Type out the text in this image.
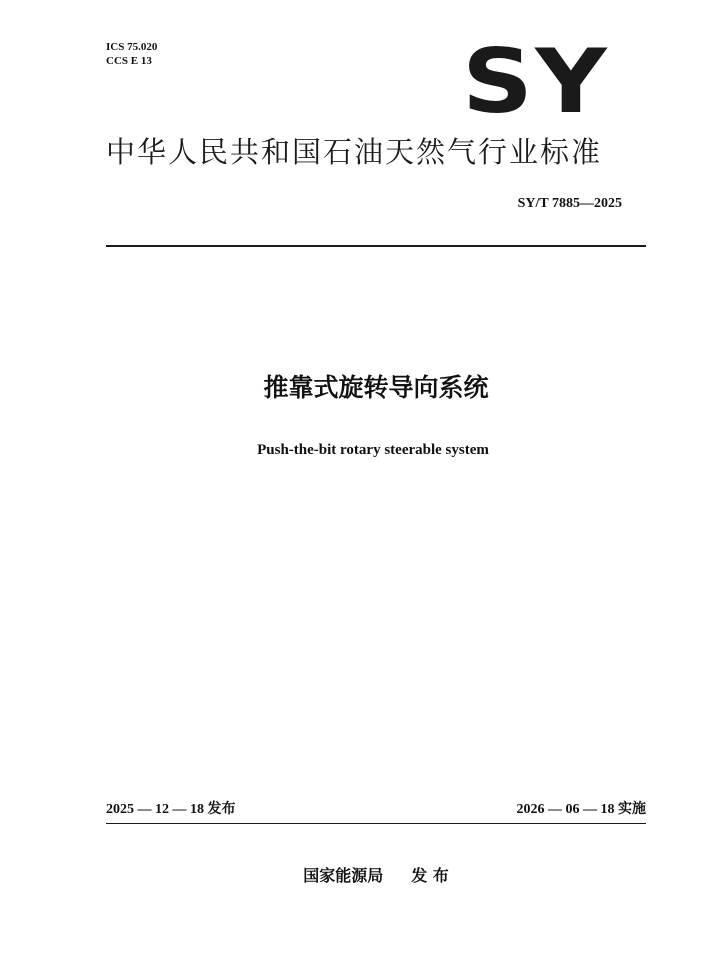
ICS 75.020
CCS E 13	SY
中华人民共和国石油天然气行业标准
SY/T 7885—2025
推靠式旋转导向系统
Push-the-bit rotary steerable system
2025 — 12 — 18 发布	2026 — 06 — 18 实施
国家能源局 发 布
